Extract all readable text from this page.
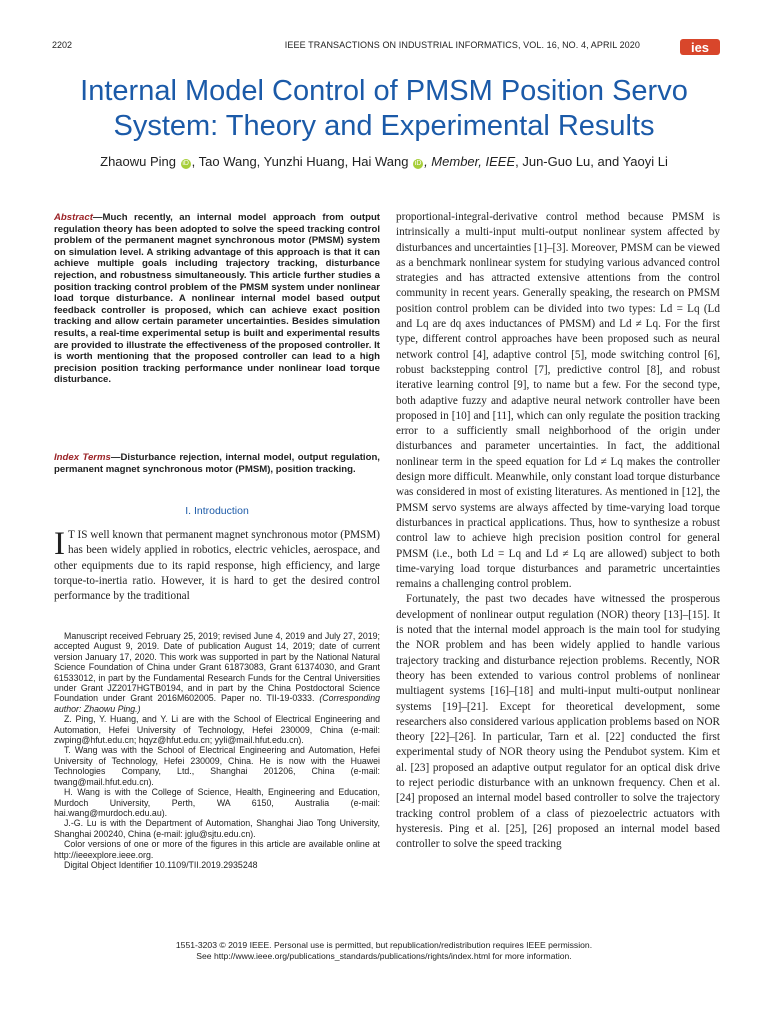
2202	IEEE TRANSACTIONS ON INDUSTRIAL INFORMATICS, VOL. 16, NO. 4, APRIL 2020	ies
Internal Model Control of PMSM Position Servo System: Theory and Experimental Results
Zhaowu Ping iD , Tao Wang, Yunzhi Huang, Hai Wang iD , Member, IEEE, Jun-Guo Lu, and Yaoyi Li
Abstract—Much recently, an internal model approach from output regulation theory has been adopted to solve the speed tracking control problem of the permanent magnet synchronous motor (PMSM) system on simulation level. A striking advantage of this approach is that it can achieve multiple goals including trajectory tracking, disturbance rejection, and robustness simultaneously. This article further studies a position tracking control problem of the PMSM system under nonlinear load torque disturbance. A nonlinear internal model based output feedback controller is proposed, which can achieve exact position tracking and allow certain parameter uncertainties. Besides simulation results, a real-time experimental setup is built and experimental results are provided to illustrate the effectiveness of the proposed controller. It is worth mentioning that the proposed controller can lead to a high precision position tracking performance under nonlinear load torque disturbance.
Index Terms—Disturbance rejection, internal model, output regulation, permanent magnet synchronous motor (PMSM), position tracking.
I. Introduction
I T IS well known that permanent magnet synchronous motor (PMSM) has been widely applied in robotics, electric vehicles, aerospace, and other equipments due to its rapid response, high efficiency, and large torque-to-inertia ratio. However, it is hard to get the desired control performance by the traditional

Manuscript received February 25, 2019; revised June 4, 2019 and July 27, 2019; accepted August 9, 2019. Date of publication August 14, 2019; date of current version January 17, 2020. This work was supported in part by the National Natural Science Foundation of China under Grant 61873083, Grant 61374030, and Grant 61533012, in part by the Fundamental Research Funds for the Central Universities under Grant JZ2017HGTB0194, and in part by the China Postdoctoral Science Foundation under Grant 2016M602005. Paper no. TII-19-0333. (Corresponding author: Zhaowu Ping.)

Z. Ping, Y. Huang, and Y. Li are with the School of Electrical Engineering and Automation, Hefei University of Technology, Hefei 230009, China (e-mail: zwping@hfut.edu.cn; hqyz@hfut.edu.cn; yyli@mail.hfut.edu.cn).

T. Wang was with the School of Electrical Engineering and Automation, Hefei University of Technology, Hefei 230009, China. He is now with the Huawei Technologies Company, Ltd., Shanghai 201206, China (e-mail: twang@mail.hfut.edu.cn).

H. Wang is with the College of Science, Health, Engineering and Education, Murdoch University, Perth, WA 6150, Australia (e-mail: hai.wang@murdoch.edu.au).

J.-G. Lu is with the Department of Automation, Shanghai Jiao Tong University, Shanghai 200240, China (e-mail: jglu@sjtu.edu.cn).

Color versions of one or more of the figures in this article are available online at http://ieeexplore.ieee.org.

Digital Object Identifier 10.1109/TII.2019.2935248

proportional-integral-derivative control method because PMSM is intrinsically a multi-input multi-output nonlinear system affected by disturbances and uncertainties [1]–[3]. Moreover, PMSM can be viewed as a benchmark nonlinear system for studying various advanced control strategies and has attracted extensive attentions from the control community in recent years. Generally speaking, the research on PMSM position control problem can be divided into two types: Ld = Lq (Ld and Lq are dq axes inductances of PMSM) and Ld ≠ Lq. For the first type, different control approaches have been proposed such as neural network control [4], adaptive control [5], mode switching control [6], robust backstepping control [7], predictive control [8], and robust iterative learning control [9], to name but a few. For the second type, both adaptive fuzzy and adaptive neural network controller have been proposed in [10] and [11], which can only regulate the position tracking error to a sufficiently small neighborhood of the origin under disturbances and parameter uncertainties. In fact, the additional nonlinear term in the speed equation for Ld ≠ Lq makes the controller design more difficult. Meanwhile, only constant load torque disturbance was considered in most of existing literatures. As mentioned in [12], the PMSM servo systems are always affected by time-varying load torque disturbances in practical applications. Thus, how to synthesize a robust control law to achieve high precision position control for general PMSM (i.e., both Ld = Lq and Ld ≠ Lq are allowed) subject to both time-varying load torque disturbances and parametric uncertainties remains a challenging control problem.

Fortunately, the past two decades have witnessed the prosperous development of nonlinear output regulation (NOR) theory [13]–[15]. It is noted that the internal model approach is the main tool for studying the NOR problem and has been widely applied to handle various trajectory tracking and disturbance rejection problems. Recently, NOR theory has been extended to various control problems of nonlinear multiagent systems [16]–[18] and multi-input multi-output nonlinear systems [19]–[21]. Except for theoretical development, some researchers also considered various application problems based on NOR theory [22]–[26]. In particular, Tarn et al. [22] conducted the first experimental study of NOR theory using the Pendubot system. Kim et al. [23] proposed an adaptive output regulator for an optical disk drive to reject periodic disturbance with an unknown frequency. Chen et al. [24] proposed an internal model based controller to solve the trajectory tracking control problem of a class of piezoelectric actuators with hysteresis. Ping et al. [25], [26] proposed an internal model based controller to solve the speed tracking

1551-3203 © 2019 IEEE. Personal use is permitted, but republication/redistribution requires IEEE permission.
See http://www.ieee.org/publications_standards/publications/rights/index.html for more information.
